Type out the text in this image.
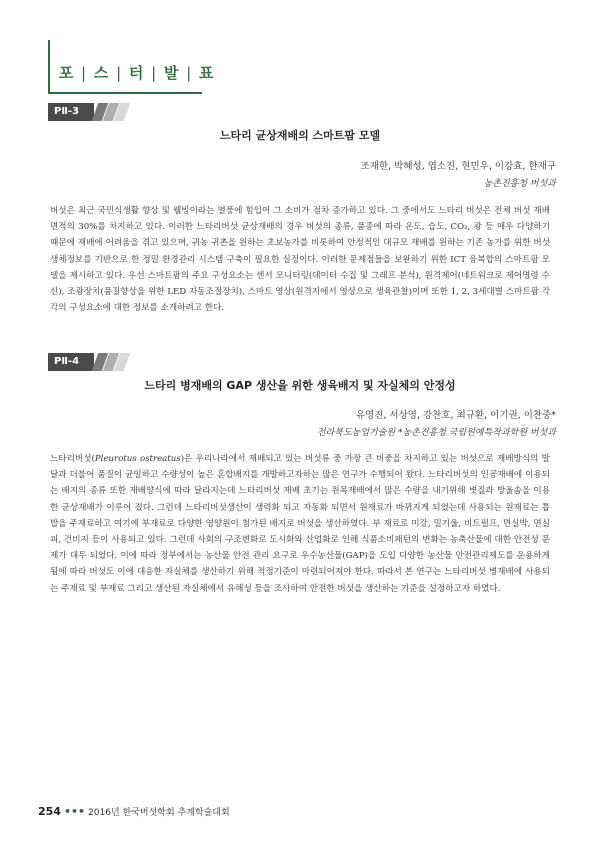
포 | 스 | 터 | 발 | 표
PⅡ-3
느타리 균상재배의 스마트팜 모델
조재한, 박혜성, 엽소진, 현민우, 이강효, 한재구
농촌진흥청 버섯과
버섯은 최근 국민식생활 향상 및 웰빙이라는 열풍에 힘입어 그 소비가 점차 증가하고 있다. 그 중에서도 느타리 버섯은 전체 버섯 재배면적의 30%를 차지하고 있다. 이러한 느타리버섯 균상재배의 경우 버섯의 종류, 품종에 따라 온도, 습도, CO₂, 광 등 매우 다양하기 때문에 재배에 어려움을 겪고 있으며, 귀농 귀촌을 원하는 초보농가를 비롯하여 안정적인 대규모 재배를 원하는 기존 농가를 위한 버섯 생체정보를 기반으로 한 정밀 환경관리 시스템 구축이 필요한 실정이다. 이러한 문제점들을 보완하기 위한 ICT 융복합의 스마트팜 모델을 제시하고 있다. 우선 스마트팜의 주요 구성요소는 센서 모니터링(데이터 수집 및 그래프 분석), 원격제어(네트워크로 제어명령 수신), 조광장치(품질향상을 위한 LED 자동조절장치), 스마트 영상(원격지에서 영상으로 생육관찰)이며 또한 1, 2, 3세대별 스마트팜 각각의 구성요소에 대한 정보를 소개하려고 한다.
PⅡ-4
느타리 병재배의 GAP 생산을 위한 생육배지 및 자실체의 안정성
유영진, 서상영, 강찬호, 최규환, 이기권, 이찬중*
전라북도농업기술원 *농촌진흥청 국립원예특작과학원 버섯과
느타리버섯(Pleurotus ostreatus)은 우리나라에서 재배되고 있는 버섯류 중 가장 큰 비중을 차지하고 있는 버섯으로 재배방식의 발달과 더불어 품질이 균일하고 수량성이 높은 혼합배지를 개발하고자하는 많은 연구가 수행되어 왔다. 느타리버섯의 인공재배에 이용되는 배지의 종류 또한 재배양식에 따라 달라지는데 느타리버섯 재배 초기는 원목재배에서 많은 수량을 내기위해 볏짚과 방울솜을 이용한 균상재배가 이루어 졌다. 그런데 느타리버섯생산이 생력화 되고 자동화 되면서 원재료가 바뀌지게 되었는데 사용되는 원재료는 톱밥을 주재료하고 여기에 부재료로 다양한 영양원이 첨가된 배지로 버섯을 생산하였다. 부 재료로 미강, 밀기울, 비트펄프, 면실박, 면실피, 건비지 등이 사용되고 있다. 그런데 사회의 구조변화로 도시화와 산업화로 인해 식품소비패턴의 변화는 농축산물에 대한 안전성 문제가 대두 되었다. 이에 따라 정부에서는 농산물 안전 관리 요구로 우수농산물(GAP)을 도입 다양한 농산물 안전관리제도를 운용하게 됨에 따라 버섯도 이에 대응한 자실체를 생산하기 위해 적정기준이 마련되어져야 한다. 따라서 본 연구는 느타리버섯 병재배에 사용되는 주재료 및 부재료 그리고 생산된 자실체에서 유해성 등을 조사하여 안전한 버섯을 생산하는 기준을 설정하고자 하였다.
254 ••• 2016년 한국버섯학회 추계학술대회
